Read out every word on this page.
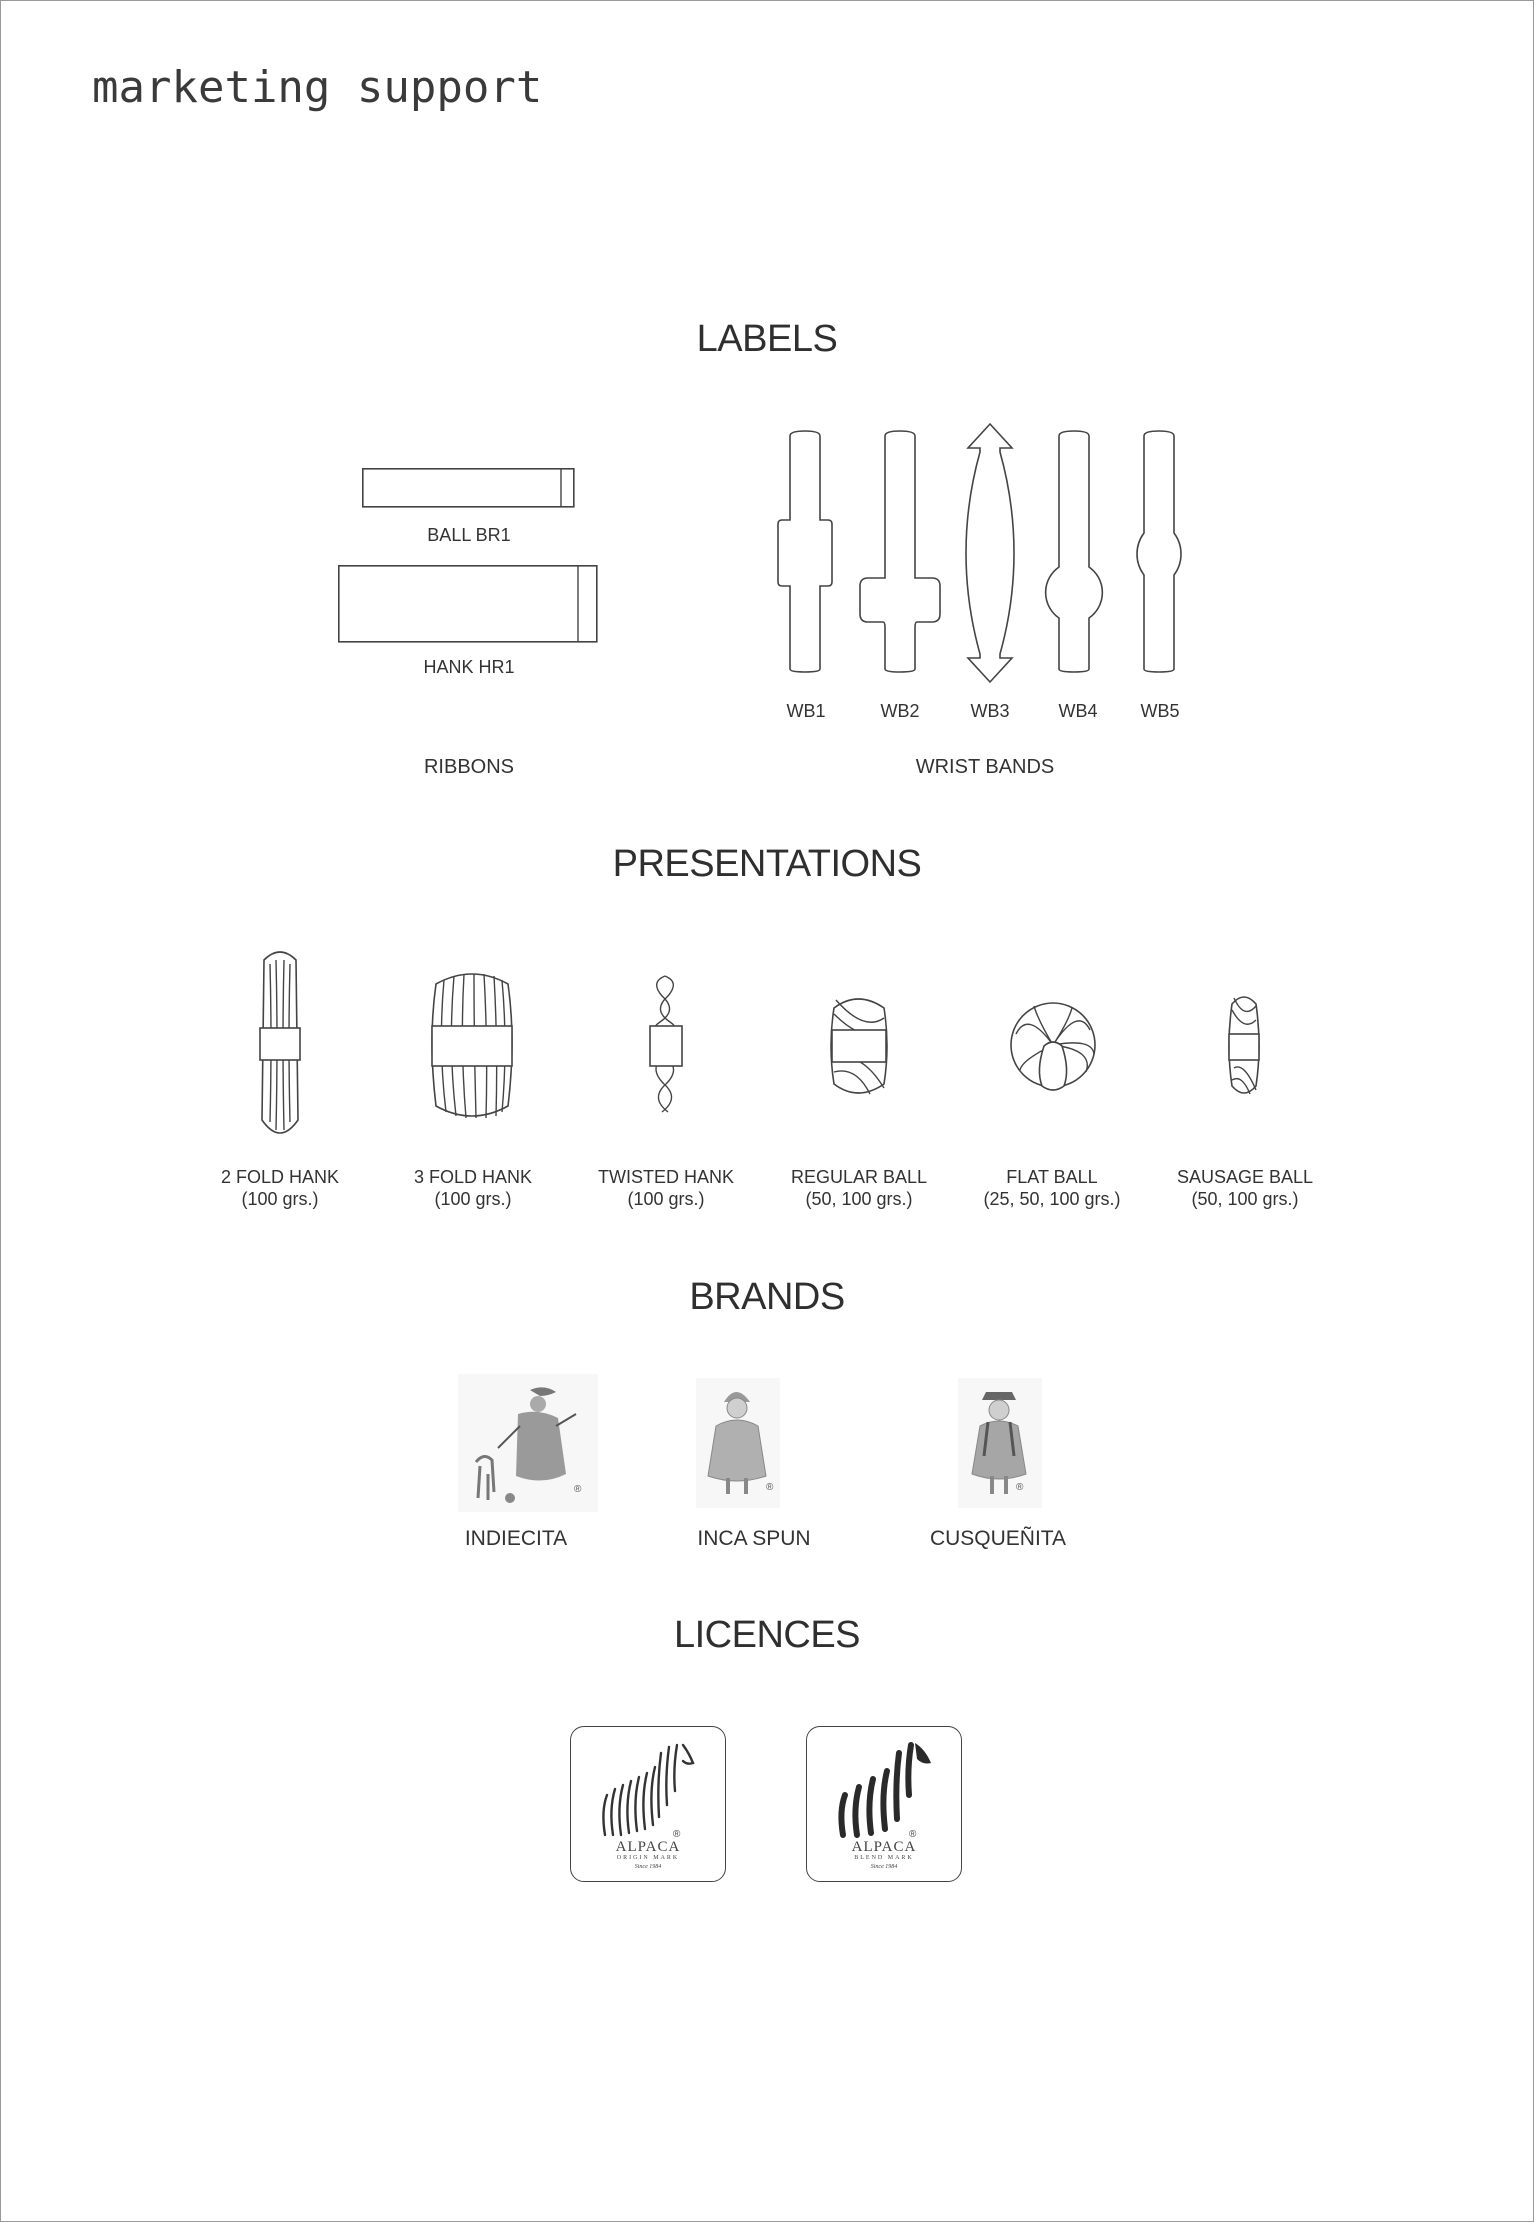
marketing support
LABELS
BALL BR1
HANK HR1
RIBBONS
WB1	WB2	WB3	WB4 WB5
WRIST BANDS
PRESENTATIONS
2 FOLD HANK
(100 grs.)
3 FOLD HANK
(100 grs.)
TWISTED HANK
(100 grs.)
REGULAR BALL
(50, 100 grs.)
FLAT BALL
(25, 50, 100 grs.)
SAUSAGE BALL
(50, 100 grs.)
BRANDS
®	®	®
INDIECITA	INCA SPUN	CUSQUEÑITA
LICENCES
®
ALPACA
ORIGIN MARK
Since 1984
®
ALPACA
BLEND MARK
Since 1984
